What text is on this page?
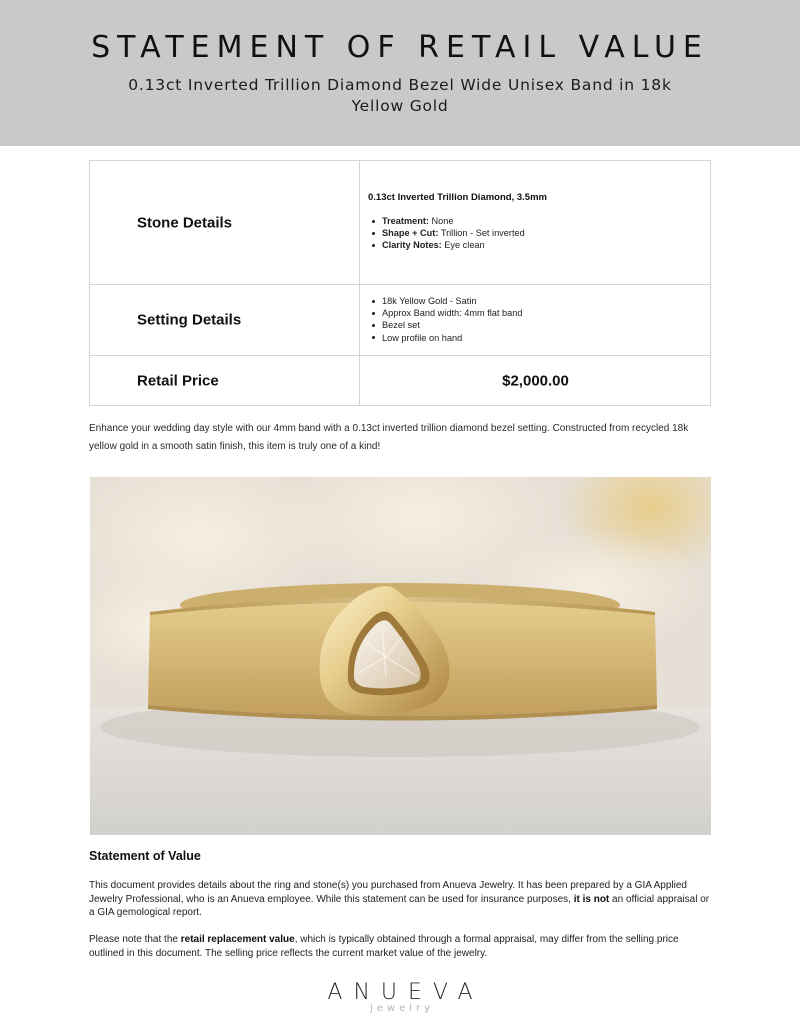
STATEMENT OF RETAIL VALUE
0.13ct Inverted Trillion Diamond Bezel Wide Unisex Band in 18k Yellow Gold
Stone Details
0.13ct Inverted Trillion Diamond, 3.5mm
Treatment: None
Shape + Cut: Trillion - Set inverted
Clarity Notes: Eye clean
Setting Details
18k Yellow Gold - Satin
Approx Band width: 4mm flat band
Bezel set
Low profile on hand
Retail Price	$2,000.00

Enhance your wedding day style with our 4mm band with a 0.13ct inverted trillion diamond bezel setting. Constructed from recycled 18k yellow gold in a smooth satin finish, this item is truly one of a kind!

Statement of Value

This document provides details about the ring and stone(s) you purchased from Anueva Jewelry. It has been prepared by a GIA Applied Jewelry Professional, who is an Anueva employee. While this statement can be used for insurance purposes, it is not an official appraisal or a GIA gemological report.

Please note that the retail replacement value, which is typically obtained through a formal appraisal, may differ from the selling price outlined in this document. The selling price reflects the current market value of the jewelry.

ANUEVA
jewelry
